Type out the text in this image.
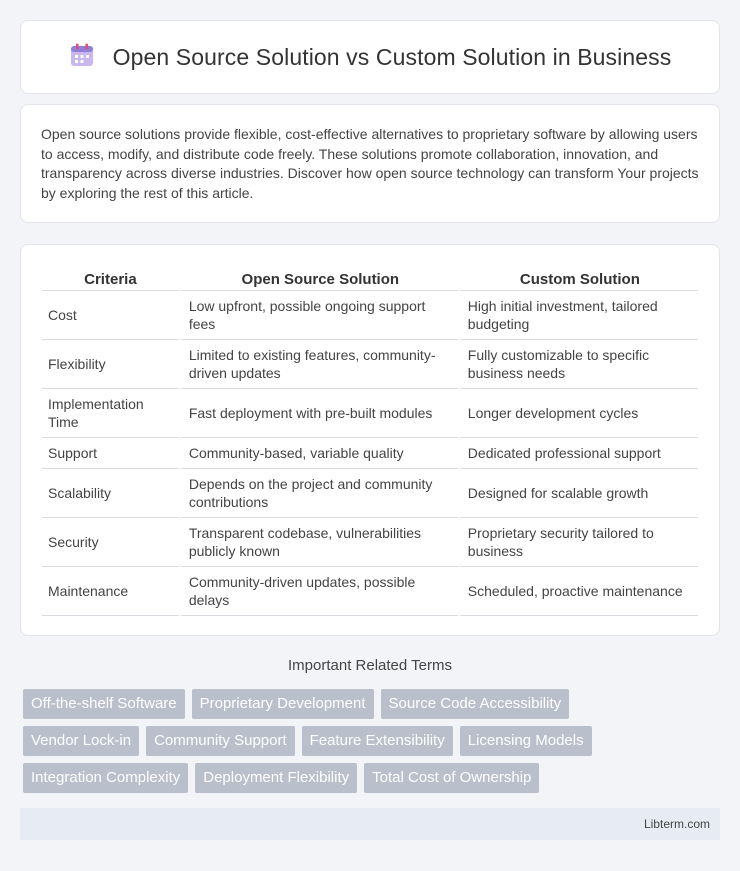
Open Source Solution vs Custom Solution in Business

Open source solutions provide flexible, cost-effective alternatives to proprietary software by allowing users to access, modify, and distribute code freely. These solutions promote collaboration, innovation, and transparency across diverse industries. Discover how open source technology can transform Your projects by exploring the rest of this article.

Criteria	Open Source Solution	Custom Solution
Cost	Low upfront, possible ongoing support fees	High initial investment, tailored budgeting
Flexibility	Limited to existing features, community-driven updates	Fully customizable to specific business needs
Implementation Time	Fast deployment with pre-built modules	Longer development cycles
Support	Community-based, variable quality	Dedicated professional support
Scalability	Depends on the project and community contributions	Designed for scalable growth
Security	Transparent codebase, vulnerabilities publicly known	Proprietary security tailored to business
Maintenance	Community-driven updates, possible delays	Scheduled, proactive maintenance
Important Related Terms
Off-the-shelf Software	Proprietary Development	Source Code Accessibility
Vendor Lock-in	Community Support	Feature Extensibility	Licensing Models
Integration Complexity	Deployment Flexibility	Total Cost of Ownership
Libterm.com
